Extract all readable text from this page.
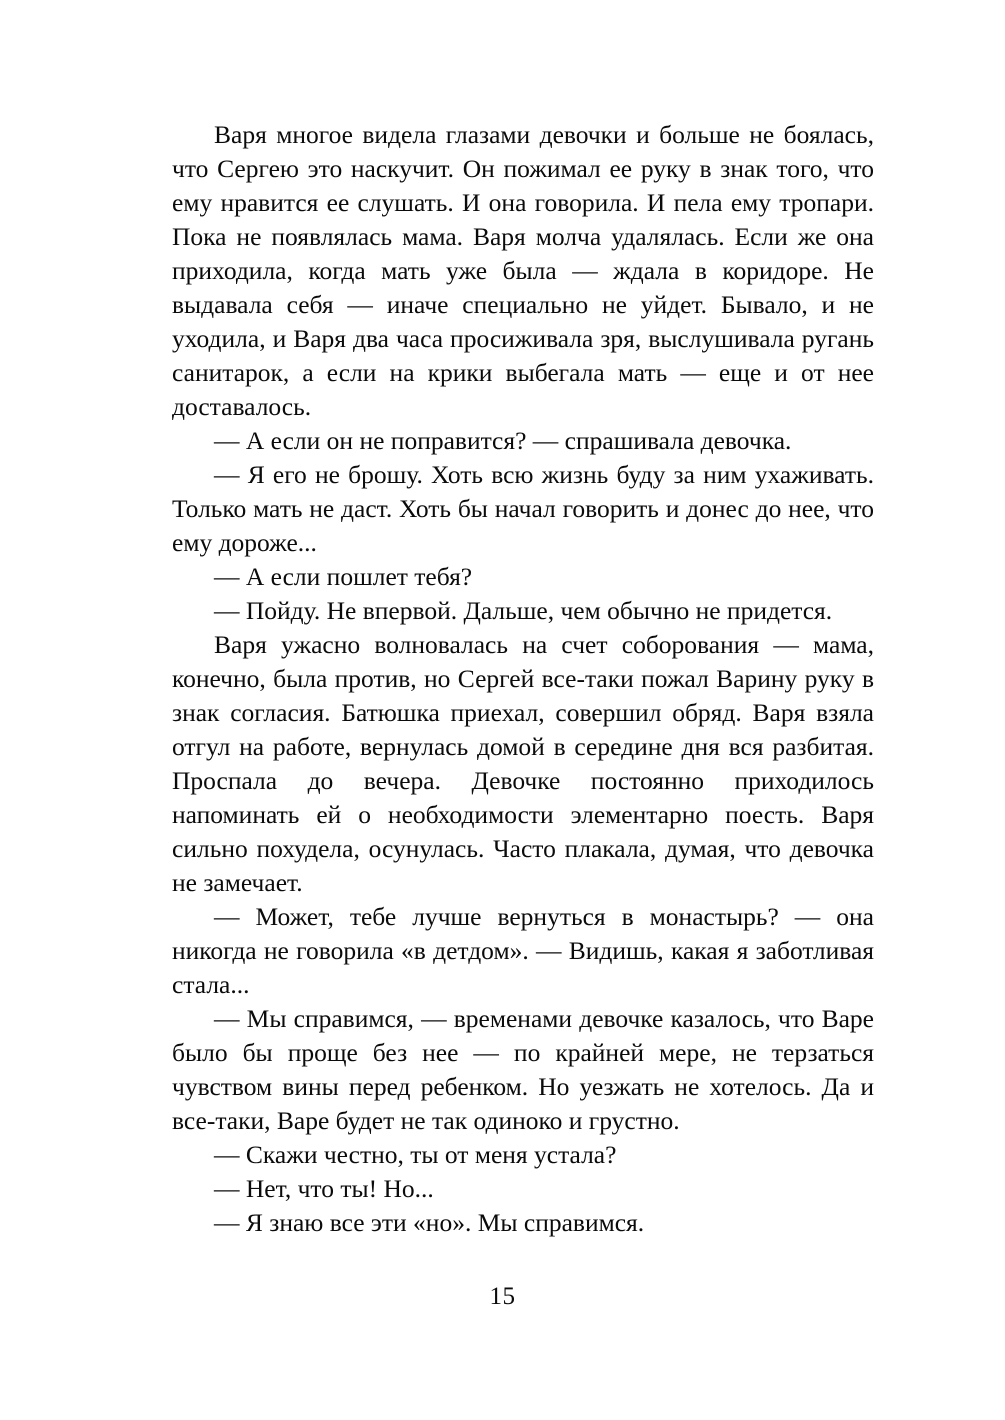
Варя многое видела глазами девочки и больше не боялась, что Сергею это наскучит. Он пожимал ее руку в знак того, что ему нравится ее слушать. И она говорила. И пела ему тропари. Пока не появлялась мама. Варя молча удалялась. Если же она приходила, когда мать уже была — ждала в коридоре. Не выдавала себя — иначе специально не уйдет. Бывало, и не уходила, и Варя два часа просиживала зря, выслушивала ругань санитарок, а если на крики выбегала мать — еще и от нее доставалось.

— А если он не поправится? — спрашивала девочка.

— Я его не брошу. Хоть всю жизнь буду за ним ухаживать. Только мать не даст. Хоть бы начал говорить и донес до нее, что ему дороже...

— А если пошлет тебя?

— Пойду. Не впервой. Дальше, чем обычно не придется.

Варя ужасно волновалась на счет соборования — мама, конечно, была против, но Сергей все-таки пожал Варину руку в знак согласия. Батюшка приехал, совершил обряд. Варя взяла отгул на работе, вернулась домой в середине дня вся разбитая. Проспала до вечера. Девочке постоянно приходилось напоминать ей о необходимости элементарно поесть. Варя сильно похудела, осунулась. Часто плакала, думая, что девочка не замечает.

— Может, тебе лучше вернуться в монастырь? — она никогда не говорила «в детдом». — Видишь, какая я заботливая стала...

— Мы справимся, — временами девочке казалось, что Варе было бы проще без нее — по крайней мере, не терзаться чувством вины перед ребенком. Но уезжать не хотелось. Да и все-таки, Варе будет не так одиноко и грустно.

— Скажи честно, ты от меня устала?

— Нет, что ты! Но...

— Я знаю все эти «но». Мы справимся.

15
